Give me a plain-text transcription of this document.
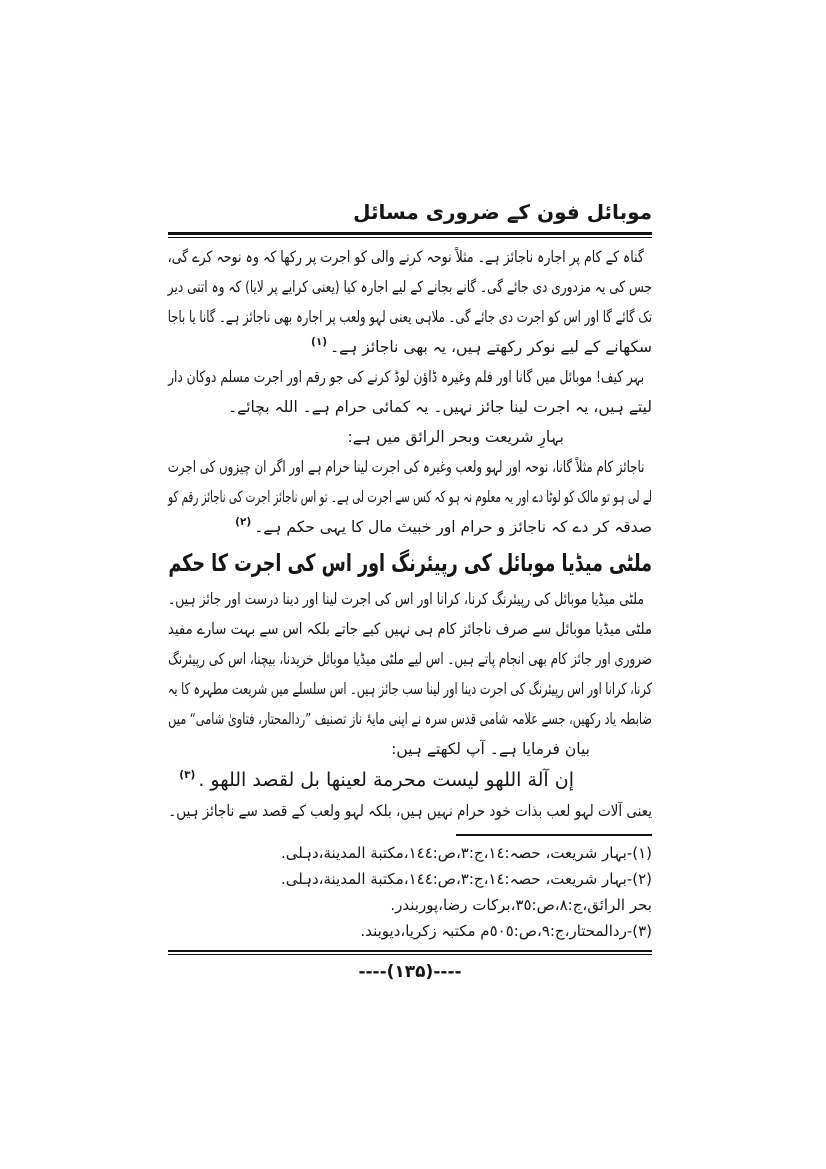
موبائل فون کے ضروری مسائل
گناہ کے کام پر اجارہ ناجائز ہے۔ مثلاً نوحہ کرنے والی کو اجرت پر رکھا کہ وہ نوحہ کرے گی،
جس کی یہ مزدوری دی جائے گی۔ گانے بجانے کے لیے اجارہ کیا (یعنی کرایے پر لایا) کہ وہ اتنی دیر
تک گائے گا اور اس کو اجرت دی جائے گی۔ ملاہی یعنی لہو ولعب پر اجارہ بھی ناجائز ہے۔ گانا یا باجا
سکھانے کے لیے نوکر رکھتے ہیں، یہ بھی ناجائز ہے۔$^{(۱)}$
بہر کیف! موبائل میں گانا اور فلم وغیرہ ڈاؤن لوڈ کرنے کی جو رقم اور اجرت مسلم دوکان دار
لیتے ہیں، یہ اجرت لینا جائز نہیں۔ یہ کمائی حرام ہے۔ اللہ بچائے۔
بہارِ شریعت وبحر الرائق میں ہے:
ناجائز کام مثلاً گانا، نوحہ اور لہو ولعب وغیرہ کی اجرت لینا حرام ہے اور اگر ان چیزوں کی اجرت
لے لی ہو تو مالک کو لوٹا دے اور یہ معلوم نہ ہو کہ کس سے اجرت لی ہے۔ تو اس ناجائز اجرت کی ناجائز رقم کو
صدقہ کر دے کہ ناجائز و حرام اور خبیث مال کا یہی حکم ہے۔$^{(۲)}$
ملٹی میڈیا موبائل کی رپیئرنگ اور اس کی اجرت کا حکم
ملٹی میڈیا موبائل کی رپیئرنگ کرنا، کرانا اور اس کی اجرت لینا اور دینا درست اور جائز ہیں۔
ملٹی میڈیا موبائل سے صرف ناجائز کام ہی نہیں کیے جاتے بلکہ اس سے بہت سارے مفید
ضروری اور جائز کام بھی انجام پاتے ہیں۔ اس لیے ملٹی میڈیا موبائل خریدنا، بیچنا، اس کی رپیئرنگ
کرنا، کرانا اور اس رپیئرنگ کی اجرت دینا اور لینا سب جائز ہیں۔ اس سلسلے میں شریعت مطہرہ کا یہ
ضابطہ یاد رکھیں، جسے علامہ شامی قدس سرہ نے اپنی مایۂ ناز تصنیف ”ردالمحتار، فتاویٰ شامی“ میں
بیان فرمایا ہے۔ آپ لکھتے ہیں:
إن آلة اللهو ليست محرمة لعينها بل لقصد اللهو .$^{(۳)}$
یعنی آلات لہو لعب بذات خود حرام نہیں ہیں، بلکہ لہو ولعب کے قصد سے ناجائز ہیں۔
(۱)-بہار شریعت، حصہ:١٤،ج:٣،ص:١٤٤،مكتبة المدينة،دہلی.
(۲)-بہار شریعت، حصہ:١٤،ج:٣،ص:١٤٤،مكتبة المدينة،دہلی.
بحر الرائق،ج:٨،ص:٣٥،بركات رضا،پوربندر.
(۳)-ردالمحتار،ج:٩،ص:٥٠٥م مكتبہ زكريا،دیوبند.
----(۱۳۵)----
